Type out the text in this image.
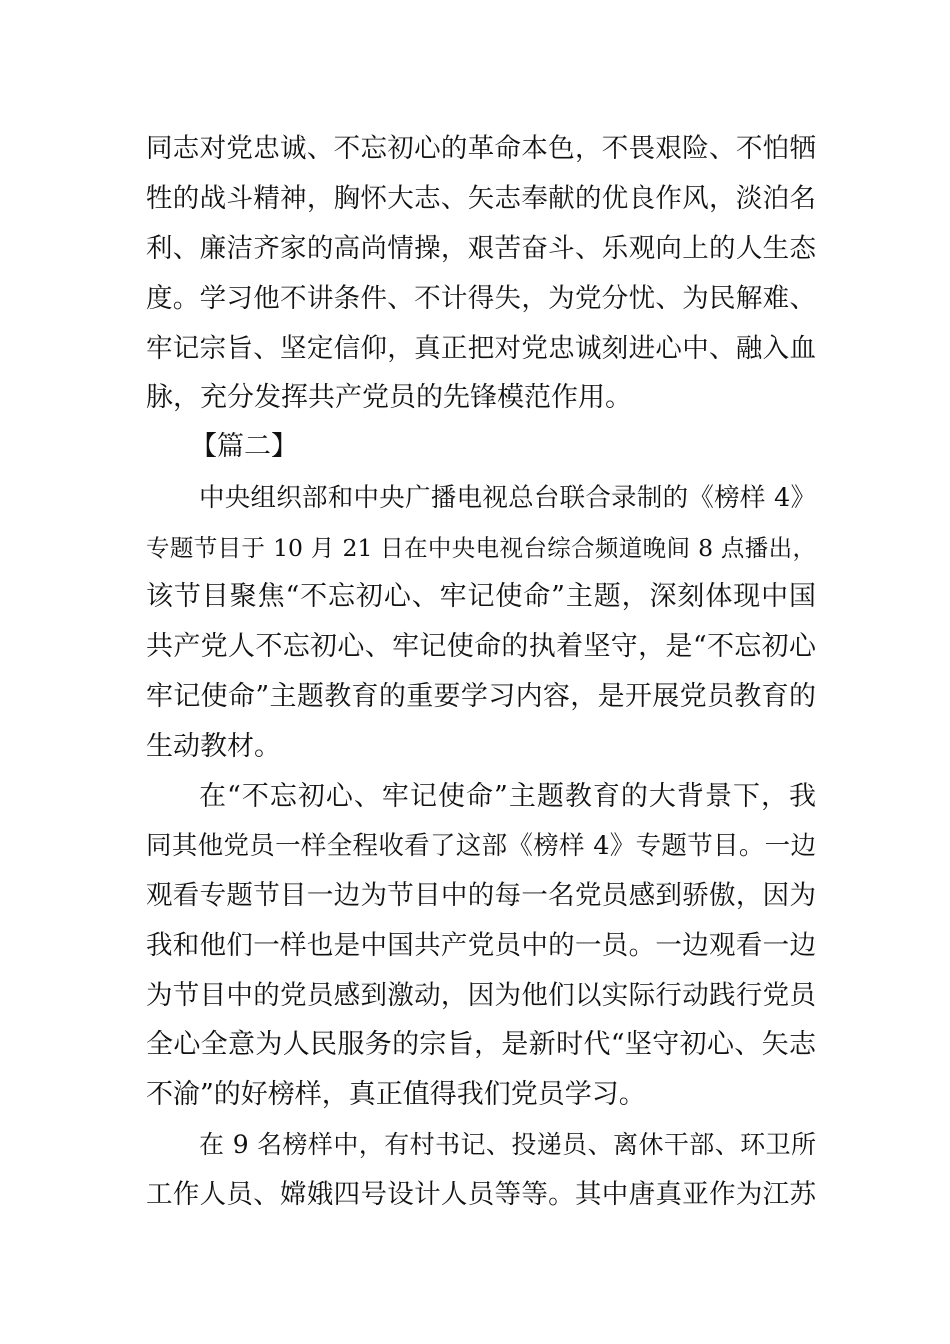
同志对党忠诚、不忘初心的革命本色，不畏艰险、不怕牺
牲的战斗精神，胸怀大志、矢志奉献的优良作风，淡泊名
利、廉洁齐家的高尚情操，艰苦奋斗、乐观向上的人生态
度。学习他不讲条件、不计得失，为党分忧、为民解难、
牢记宗旨、坚定信仰，真正把对党忠诚刻进心中、融入血
脉，充分发挥共产党员的先锋模范作用。
【篇二】
中央组织部和中央广播电视总台联合录制的《榜样 4》
专题节目于 10 月 21 日在中央电视台综合频道晚间 8 点播出，
该节目聚焦“不忘初心、牢记使命”主题，深刻体现中国
共产党人不忘初心、牢记使命的执着坚守，是“不忘初心
牢记使命”主题教育的重要学习内容，是开展党员教育的
生动教材。
在“不忘初心、牢记使命”主题教育的大背景下，我
同其他党员一样全程收看了这部《榜样 4》专题节目。一边
观看专题节目一边为节目中的每一名党员感到骄傲，因为
我和他们一样也是中国共产党员中的一员。一边观看一边
为节目中的党员感到激动，因为他们以实际行动践行党员
全心全意为人民服务的宗旨，是新时代“坚守初心、矢志
不渝”的好榜样，真正值得我们党员学习。
在 9 名榜样中，有村书记、投递员、离休干部、环卫所
工作人员、嫦娥四号设计人员等等。其中唐真亚作为江苏
